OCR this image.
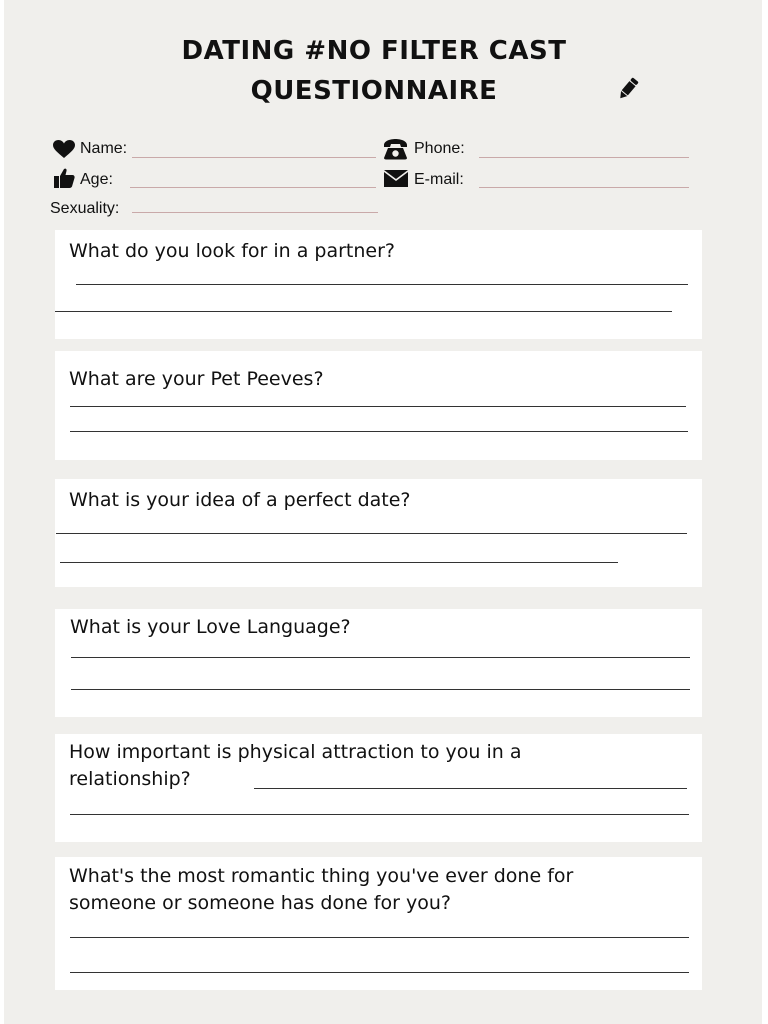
DATING #NO FILTER CAST
QUESTIONNAIRE
Name:	Phone:
Age:	E-mail:
Sexuality:
What do you look for in a partner?
What are your Pet Peeves?
What is your idea of a perfect date?
What is your Love Language?
How important is physical attraction to you in a
relationship?
What's the most romantic thing you've ever done for
someone or someone has done for you?
